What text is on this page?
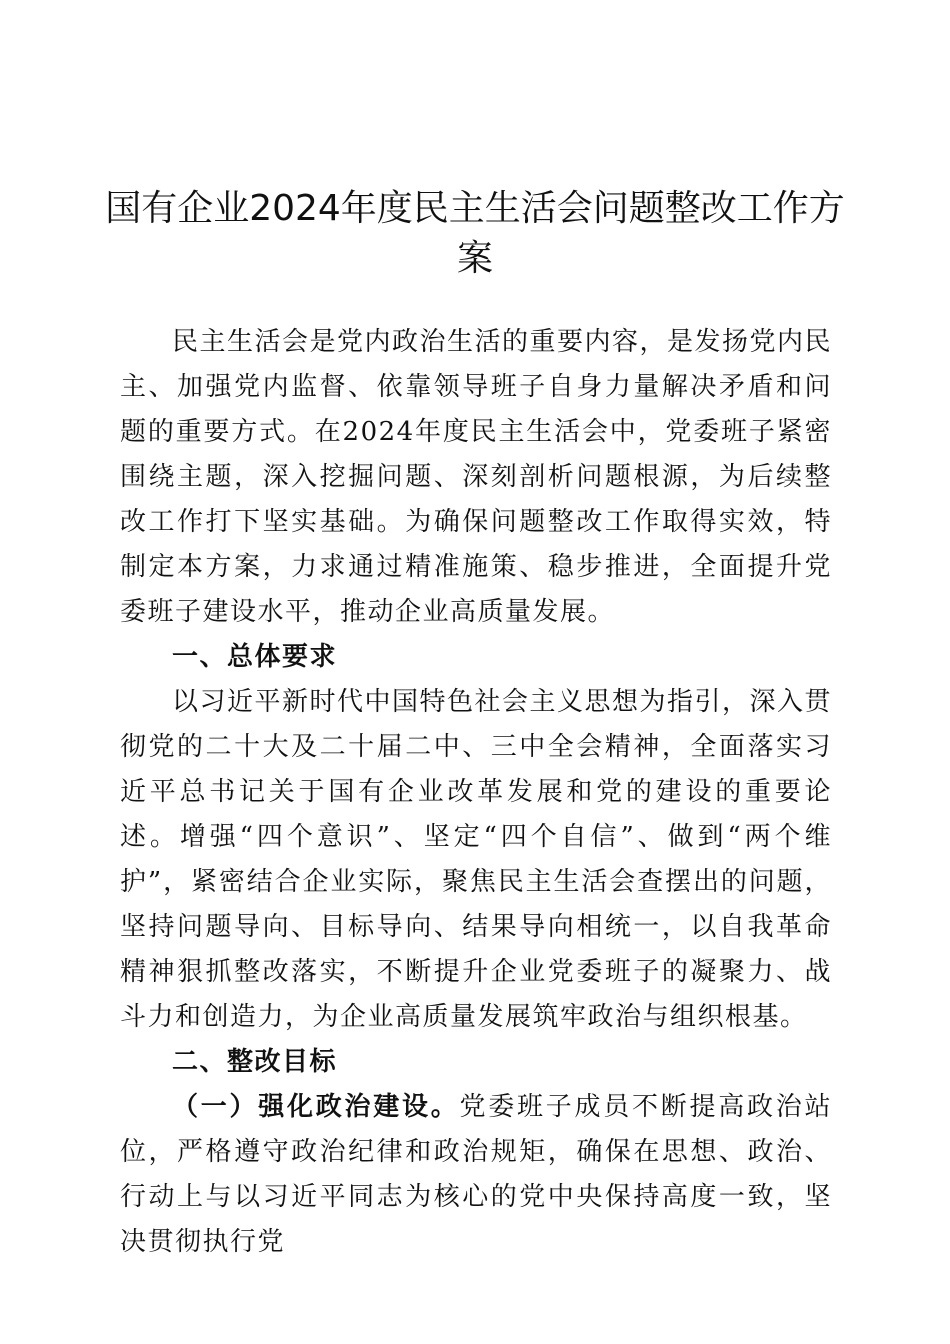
国有企业2024年度民主生活会问题整改工作方案

民主生活会是党内政治生活的重要内容，是发扬党内民主、加强党内监督、依靠领导班子自身力量解决矛盾和问题的重要方式。在2024年度民主生活会中，党委班子紧密围绕主题，深入挖掘问题、深刻剖析问题根源，为后续整改工作打下坚实基础。为确保问题整改工作取得实效，特制定本方案，力求通过精准施策、稳步推进，全面提升党委班子建设水平，推动企业高质量发展。

一、总体要求

以习近平新时代中国特色社会主义思想为指引，深入贯彻党的二十大及二十届二中、三中全会精神，全面落实习近平总书记关于国有企业改革发展和党的建设的重要论述。增强“四个意识”、坚定“四个自信”、做到“两个维护”，紧密结合企业实际，聚焦民主生活会查摆出的问题，坚持问题导向、目标导向、结果导向相统一，以自我革命精神狠抓整改落实，不断提升企业党委班子的凝聚力、战斗力和创造力，为企业高质量发展筑牢政治与组织根基。

二、整改目标

（一）强化政治建设。党委班子成员不断提高政治站位，严格遵守政治纪律和政治规矩，确保在思想、政治、行动上与以习近平同志为核心的党中央保持高度一致，坚决贯彻执行党
